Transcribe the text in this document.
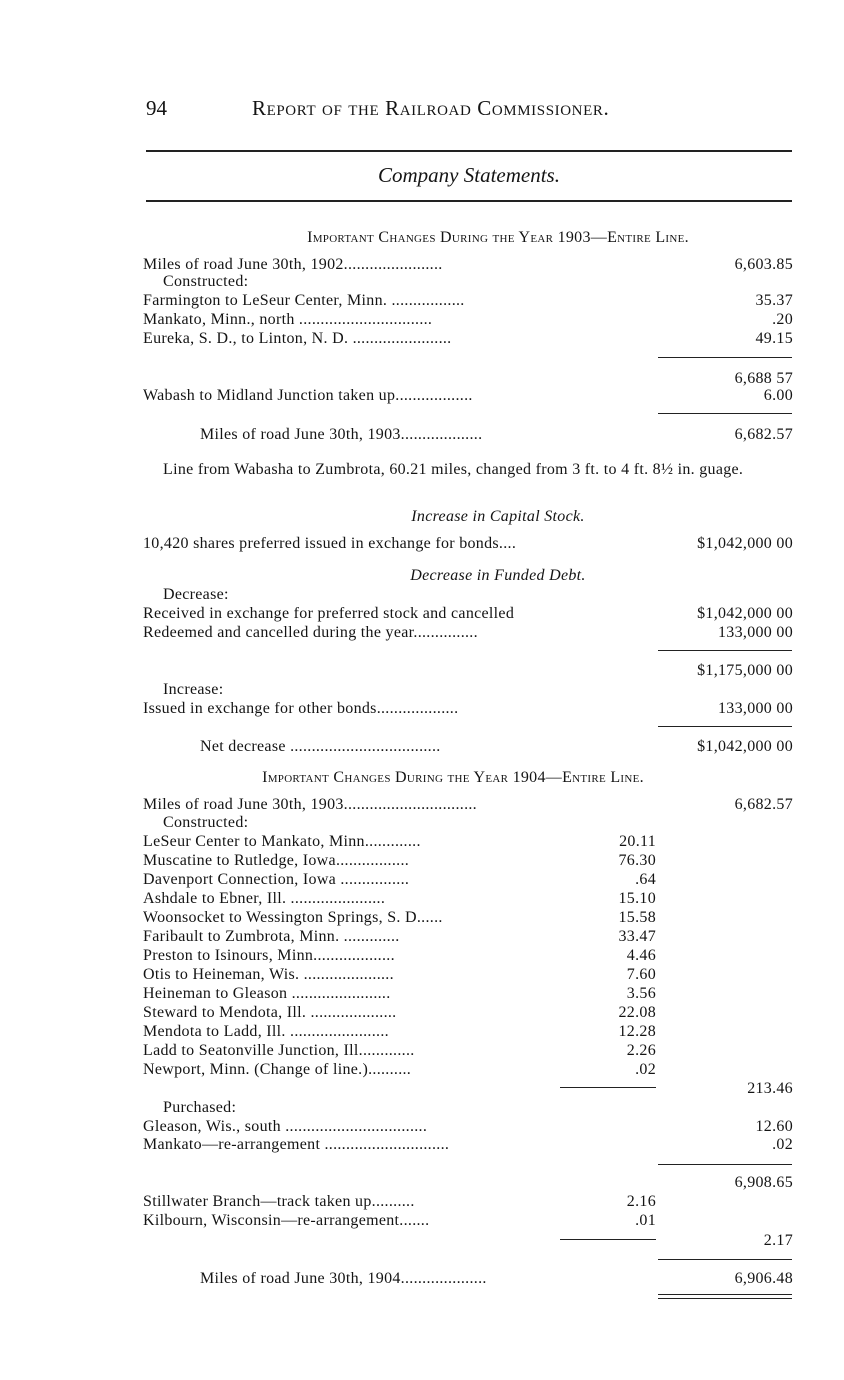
94	Report of the Railroad Commissioner.
Company Statements.
Important Changes During the Year 1903—Entire Line.
Miles of road June 30th, 1902.......................	6,603.85
Constructed:
Farmington to LeSeur Center, Minn. .................	35.37
Mankato, Minn., north ...............................	.20
Eureka, S. D., to Linton, N. D. .......................	49.15
6,688 57
Wabash to Midland Junction taken up..................	6.00
Miles of road June 30th, 1903...................	6,682.57
Line from Wabasha to Zumbrota, 60.21 miles, changed from 3 ft. to 4 ft. 8½ in. guage.
Increase in Capital Stock.
10,420 shares preferred issued in exchange for bonds....	$1,042,000 00
Decrease in Funded Debt.
Decrease:
Received in exchange for preferred stock and cancelled	$1,042,000 00
Redeemed and cancelled during the year...............	133,000 00
$1,175,000 00
Increase:
Issued in exchange for other bonds...................	133,000 00
Net decrease ...................................	$1,042,000 00
Important Changes During the Year 1904—Entire Line.
Miles of road June 30th, 1903...............................	6,682.57
Constructed:
LeSeur Center to Mankato, Minn.............	20.11
Muscatine to Rutledge, Iowa.................	76.30
Davenport Connection, Iowa ................	.64
Ashdale to Ebner, Ill. ......................	15.10
Woonsocket to Wessington Springs, S. D......	15.58
Faribault to Zumbrota, Minn. .............	33.47
Preston to Isinours, Minn...................	4.46
Otis to Heineman, Wis. .....................	7.60
Heineman to Gleason .......................	3.56
Steward to Mendota, Ill. ....................	22.08
Mendota to Ladd, Ill. .......................	12.28
Ladd to Seatonville Junction, Ill.............	2.26
Newport, Minn. (Change of line.)..........	.02
213.46
Purchased:
Gleason, Wis., south .................................	12.60
Mankato—re-arrangement .............................	.02
6,908.65
Stillwater Branch—track taken up..........	2.16
Kilbourn, Wisconsin—re-arrangement.......	.01
2.17
Miles of road June 30th, 1904....................	6,906.48
